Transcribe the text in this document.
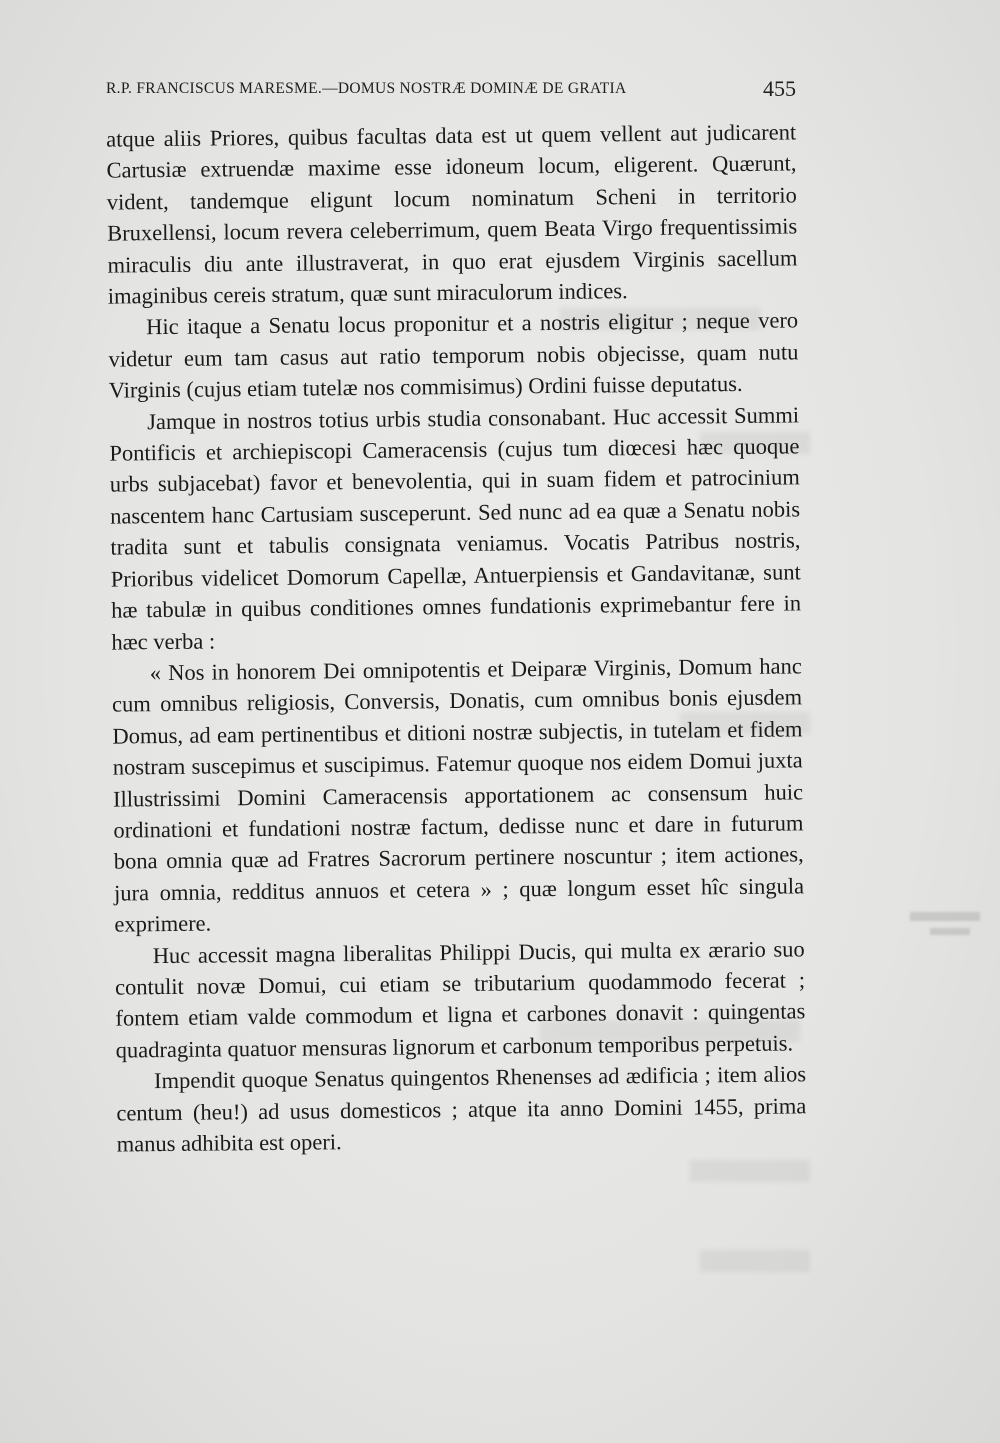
R.P. FRANCISCUS MARESME.—DOMUS NOSTRÆ DOMINÆ DE GRATIA	455

atque aliis Priores, quibus facultas data est ut quem vellent aut judicarent Cartusiæ extruendæ maxime esse idoneum locum, eligerent. Quærunt, vident, tandemque eligunt locum nominatum Scheni in territorio Bruxellensi, locum revera celeberrimum, quem Beata Virgo frequentissimis miraculis diu ante illustraverat, in quo erat ejusdem Virginis sacellum imaginibus cereis stratum, quæ sunt miraculorum indices.

Hic itaque a Senatu locus proponitur et a nostris eligitur ; neque vero videtur eum tam casus aut ratio temporum nobis objecisse, quam nutu Virginis (cujus etiam tutelæ nos commisimus) Ordini fuisse deputatus.

Jamque in nostros totius urbis studia consonabant. Huc accessit Summi Pontificis et archiepiscopi Cameracensis (cujus tum diœcesi hæc quoque urbs subjacebat) favor et benevolentia, qui in suam fidem et patrocinium nascentem hanc Cartusiam susceperunt. Sed nunc ad ea quæ a Senatu nobis tradita sunt et tabulis consignata veniamus. Vocatis Patribus nostris, Prioribus videlicet Domorum Capellæ, Antuerpiensis et Gandavitanæ, sunt hæ tabulæ in quibus conditiones omnes fundationis exprimebantur fere in hæc verba :

« Nos in honorem Dei omnipotentis et Deiparæ Virginis, Domum hanc cum omnibus religiosis, Conversis, Donatis, cum omnibus bonis ejusdem Domus, ad eam pertinentibus et ditioni nostræ subjectis, in tutelam et fidem nostram suscepimus et suscipimus. Fatemur quoque nos eidem Domui juxta Illustrissimi Domini Cameracensis apportationem ac consensum huic ordinationi et fundationi nostræ factum, dedisse nunc et dare in futurum bona omnia quæ ad Fratres Sacrorum pertinere noscuntur ; item actiones, jura omnia, redditus annuos et cetera » ; quæ longum esset hîc singula exprimere.

Huc accessit magna liberalitas Philippi Ducis, qui multa ex ærario suo contulit novæ Domui, cui etiam se tributarium quodammodo fecerat ; fontem etiam valde commodum et ligna et carbones donavit : quingentas quadraginta quatuor mensuras lignorum et carbonum temporibus perpetuis.

Impendit quoque Senatus quingentos Rhenenses ad ædificia ; item alios centum (heu!) ad usus domesticos ; atque ita anno Domini 1455, prima manus adhibita est operi.
